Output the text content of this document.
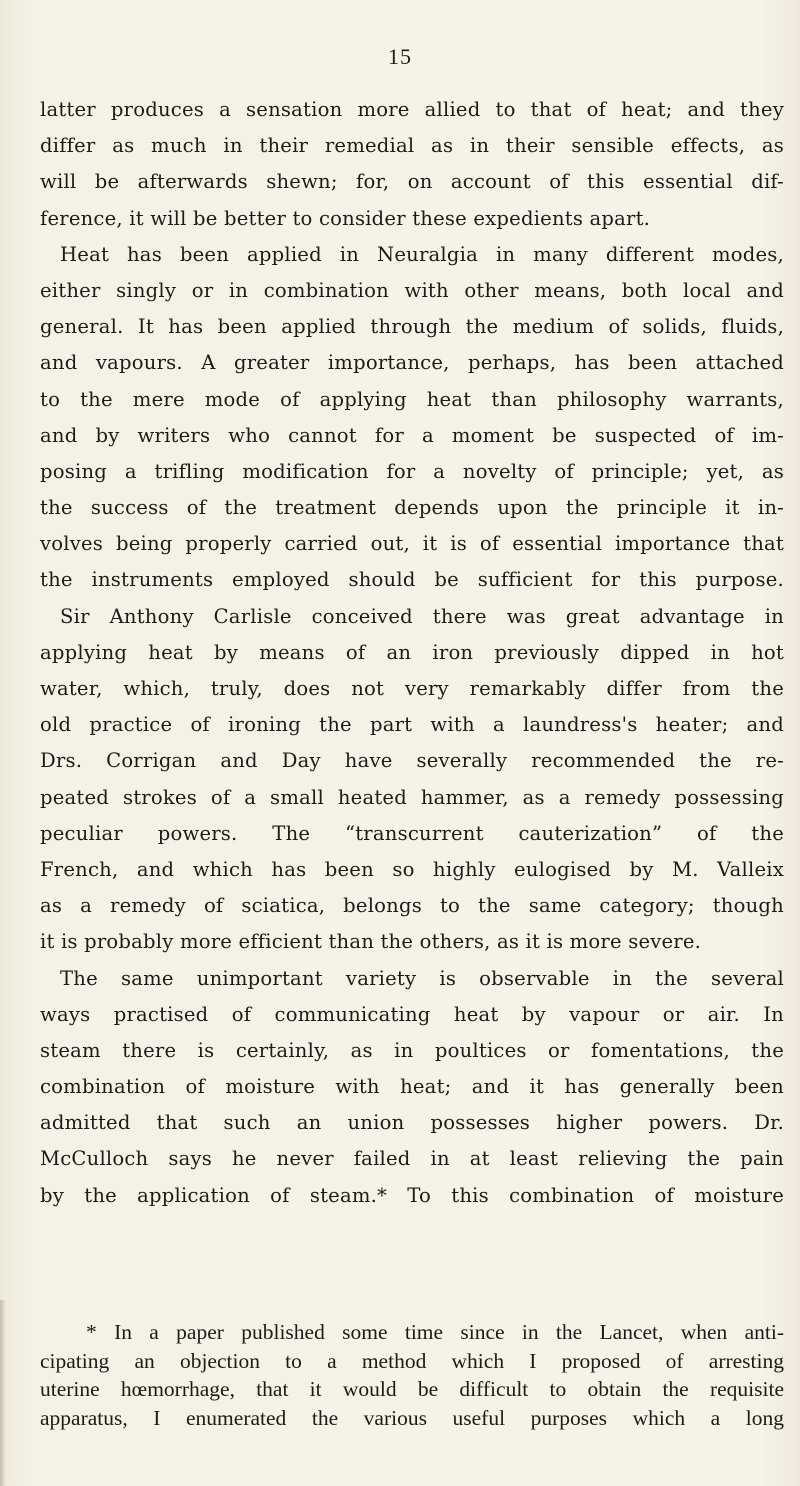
15
latter produces a sensation more allied to that of heat; and they
differ as much in their remedial as in their sensible effects, as
will be afterwards shewn; for, on account of this essential dif-
ference, it will be better to consider these expedients apart.
Heat has been applied in Neuralgia in many different modes,
either singly or in combination with other means, both local and
general. It has been applied through the medium of solids, fluids,
and vapours. A greater importance, perhaps, has been attached
to the mere mode of applying heat than philosophy warrants,
and by writers who cannot for a moment be suspected of im-
posing a trifling modification for a novelty of principle; yet, as
the success of the treatment depends upon the principle it in-
volves being properly carried out, it is of essential importance that
the instruments employed should be sufficient for this purpose.
Sir Anthony Carlisle conceived there was great advantage in
applying heat by means of an iron previously dipped in hot
water, which, truly, does not very remarkably differ from the
old practice of ironing the part with a laundress's heater; and
Drs. Corrigan and Day have severally recommended the re-
peated strokes of a small heated hammer, as a remedy possessing
peculiar powers. The “transcurrent cauterization” of the
French, and which has been so highly eulogised by M. Valleix
as a remedy of sciatica, belongs to the same category; though
it is probably more efficient than the others, as it is more severe.
The same unimportant variety is observable in the several
ways practised of communicating heat by vapour or air. In
steam there is certainly, as in poultices or fomentations, the
combination of moisture with heat; and it has generally been
admitted that such an union possesses higher powers. Dr.
McCulloch says he never failed in at least relieving the pain
by the application of steam.* To this combination of moisture
* In a paper published some time since in the Lancet, when anti-
cipating an objection to a method which I proposed of arresting
uterine hœmorrhage, that it would be difficult to obtain the requisite
apparatus, I enumerated the various useful purposes which a long
